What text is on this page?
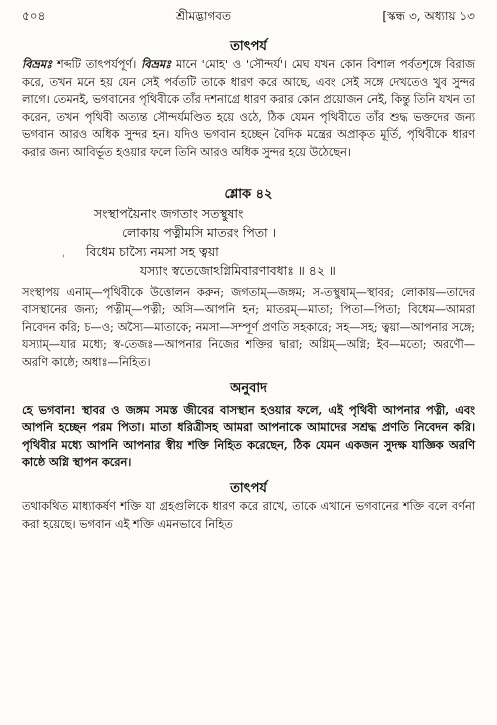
৫০৪	শ্রীমদ্ভাগবত	[স্কন্ধ ৩, অধ্যায় ১৩
তাৎপর্য

বিভ্রমঃ শব্দটি তাৎপর্যপূর্ণ। বিভ্রমঃ মানে 'মোহ' ও 'সৌন্দর্য'। মেঘ যখন কোন বিশাল পর্বতশৃঙ্গে বিরাজ করে, তখন মনে হয় যেন সেই পর্বতটি তাকে ধারণ করে আছে, এবং সেই সঙ্গে দেখতেও খুব সুন্দর লাগে। তেমনই, ভগবানের পৃথিবীকে তাঁর দশনাগ্রে ধারণ করার কোন প্রয়োজন নেই, কিন্তু তিনি যখন তা করেন, তখন পৃথিবী অত্যন্ত সৌন্দর্যমণ্ডিত হয়ে ওঠে, ঠিক যেমন পৃথিবীতে তাঁর শুদ্ধ ভক্তদের জন্য ভগবান আরও অধিক সুন্দর হন। যদিও ভগবান হচ্ছেন বৈদিক মন্ত্রের অপ্রাকৃত মূর্তি, পৃথিবীকে ধারণ করার জন্য আবির্ভূত হওয়ার ফলে তিনি আরও অধিক সুন্দর হয়ে উঠেছেন।

ꞌ
শ্লোক ৪২

সংস্থাপয়ৈনাং জগতাং সতস্থুষাং
লোকায় পত্নীমসি মাতরং পিতা ।
বিধেম চাস্যৈ নমসা সহ ত্বয়া
যস্যাং স্বতেজোঽগ্নিমিবারণাবধাঃ ॥ ৪২ ॥

সংস্থাপয় এনাম্‌—পৃথিবীকে উত্তোলন করুন; জগতাম্‌—জঙ্গম; স-তস্থুষাম্‌—স্থাবর; লোকায়—তাদের বাসস্থানের জন্য; পত্নীম্‌—পত্নী; অসি—আপনি হন; মাতরম্‌—মাতা; পিতা—পিতা; বিধেম—আমরা নিবেদন করি; চ—ও; অস্যৈ—মাতাকে; নমসা—সম্পূর্ণ প্রণতি সহকারে; সহ—সহ; ত্বয়া—আপনার সঙ্গে; যস্যাম্‌—যার মধ্যে; স্ব-তেজঃ—আপনার নিজের শক্তির দ্বারা; অগ্নিম্‌—অগ্নি; ইব—মতো; অরণৌ—অরণি কাষ্ঠে; অধাঃ—নিহিত।

অনুবাদ

হে ভগবান! স্থাবর ও জঙ্গম সমস্ত জীবের বাসস্থান হওয়ার ফলে, এই পৃথিবী আপনার পত্নী, এবং আপনি হচ্ছেন পরম পিতা। মাতা ধরিত্রীসহ আমরা আপনাকে আমাদের সশ্রদ্ধ প্রণতি নিবেদন করি। পৃথিবীর মধ্যে আপনি আপনার স্বীয় শক্তি নিহিত করেছেন, ঠিক যেমন একজন সুদক্ষ যাজ্ঞিক অরণি কাষ্ঠে অগ্নি স্থাপন করেন।

তাৎপর্য

তথাকথিত মাধ্যাকর্ষণ শক্তি যা গ্রহগুলিকে ধারণ করে রাখে, তাকে এখানে ভগবানের শক্তি বলে বর্ণনা করা হয়েছে। ভগবান এই শক্তি এমনভাবে নিহিত
